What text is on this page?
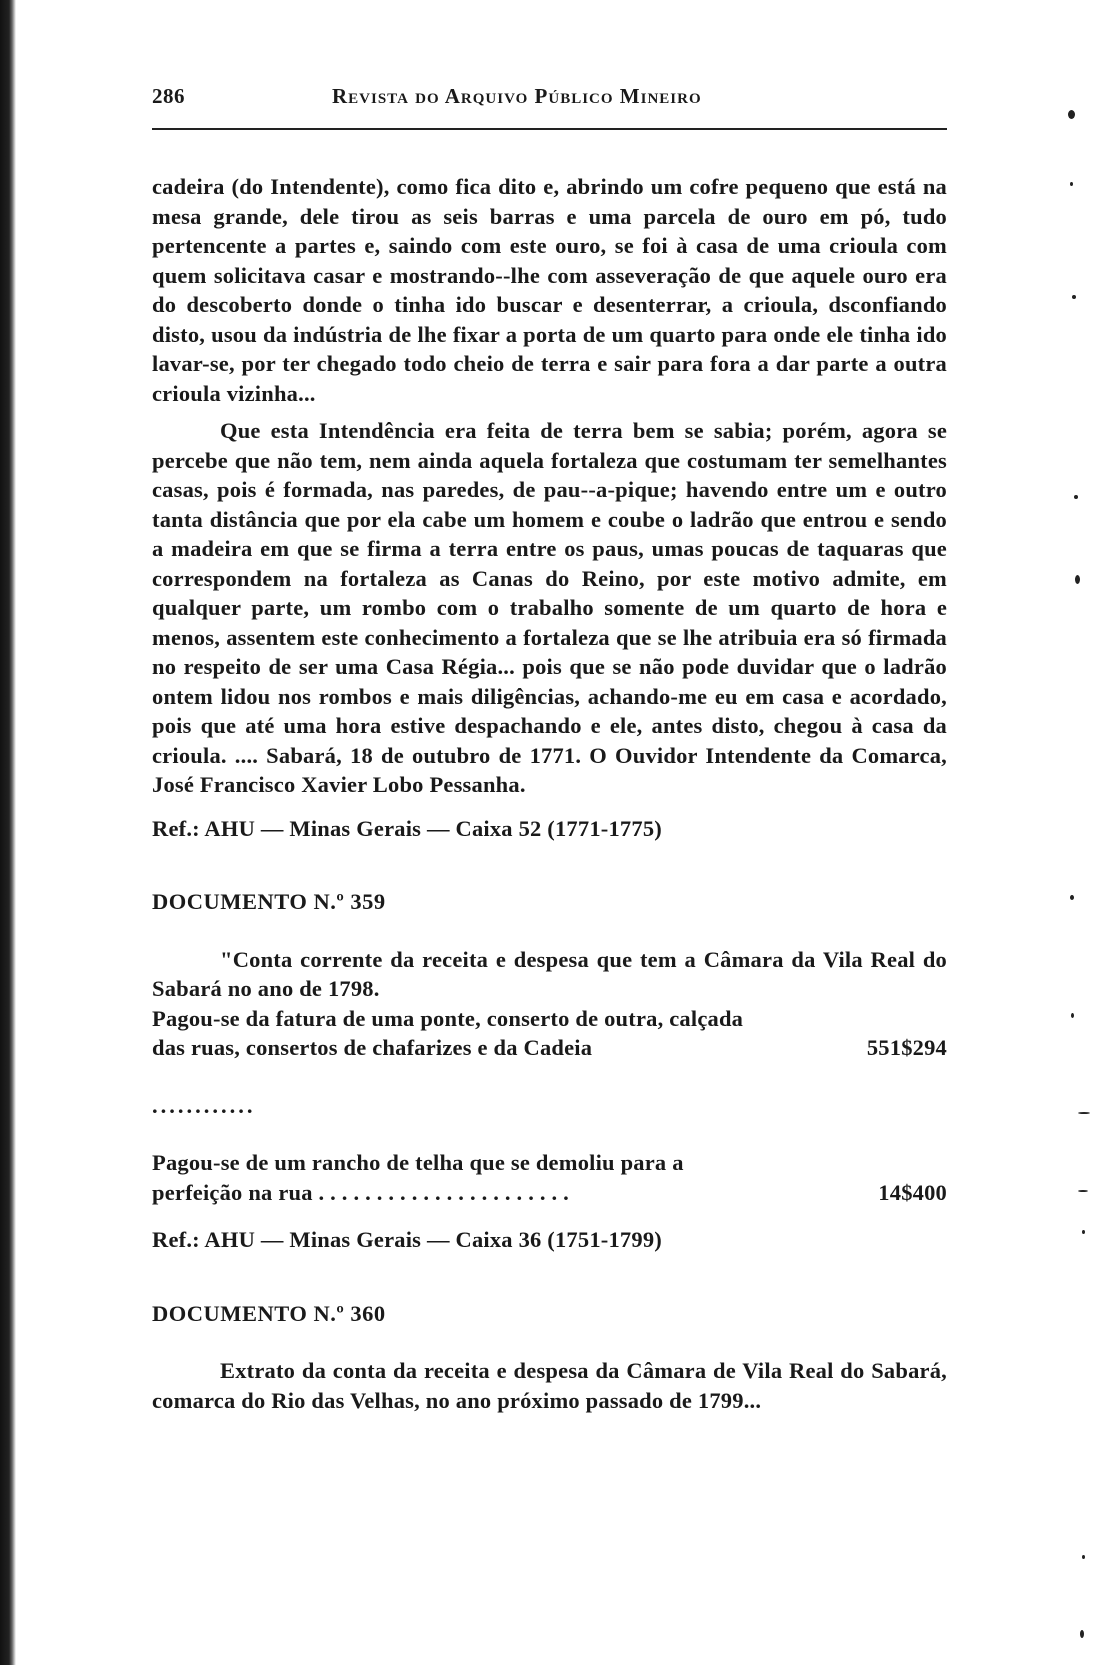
286	Revista do Arquivo Público Mineiro

cadeira (do Intendente), como fica dito e, abrindo um cofre pequeno que está na mesa grande, dele tirou as seis barras e uma parcela de ouro em pó, tudo pertencente a partes e, saindo com este ouro, se foi à casa de uma crioula com quem solicitava casar e mostrando--lhe com asseveração de que aquele ouro era do descoberto donde o tinha ido buscar e desenterrar, a crioula, dsconfiando disto, usou da indústria de lhe fixar a porta de um quarto para onde ele tinha ido lavar-se, por ter chegado todo cheio de terra e sair para fora a dar parte a outra crioula vizinha...

Que esta Intendência era feita de terra bem se sabia; porém, agora se percebe que não tem, nem ainda aquela fortaleza que costumam ter semelhantes casas, pois é formada, nas paredes, de pau--a-pique; havendo entre um e outro tanta distância que por ela cabe um homem e coube o ladrão que entrou e sendo a madeira em que se firma a terra entre os paus, umas poucas de taquaras que correspondem na fortaleza as Canas do Reino, por este motivo admite, em qualquer parte, um rombo com o trabalho somente de um quarto de hora e menos, assentem este conhecimento a fortaleza que se lhe atribuia era só firmada no respeito de ser uma Casa Régia... pois que se não pode duvidar que o ladrão ontem lidou nos rombos e mais diligências, achando-me eu em casa e acordado, pois que até uma hora estive despachando e ele, antes disto, chegou à casa da crioula. .... Sabará, 18 de outubro de 1771. O Ouvidor Intendente da Comarca, José Francisco Xavier Lobo Pessanha.

Ref.: AHU — Minas Gerais — Caixa 52 (1771-1775)

DOCUMENTO N.º 359

"Conta corrente da receita e despesa que tem a Câmara da Vila Real do Sabará no ano de 1798.

Pagou-se da fatura de uma ponte, conserto de outra, calçada das ruas, consertos de chafarizes e da Cadeia	551$294

............

Pagou-se de um rancho de telha que se demoliu para a perfeição na rua . . . . . . . . . . . . . . . . . . . . . .	14$400

Ref.: AHU — Minas Gerais — Caixa 36 (1751-1799)

DOCUMENTO N.º 360

Extrato da conta da receita e despesa da Câmara de Vila Real do Sabará, comarca do Rio das Velhas, no ano próximo passado de 1799...
